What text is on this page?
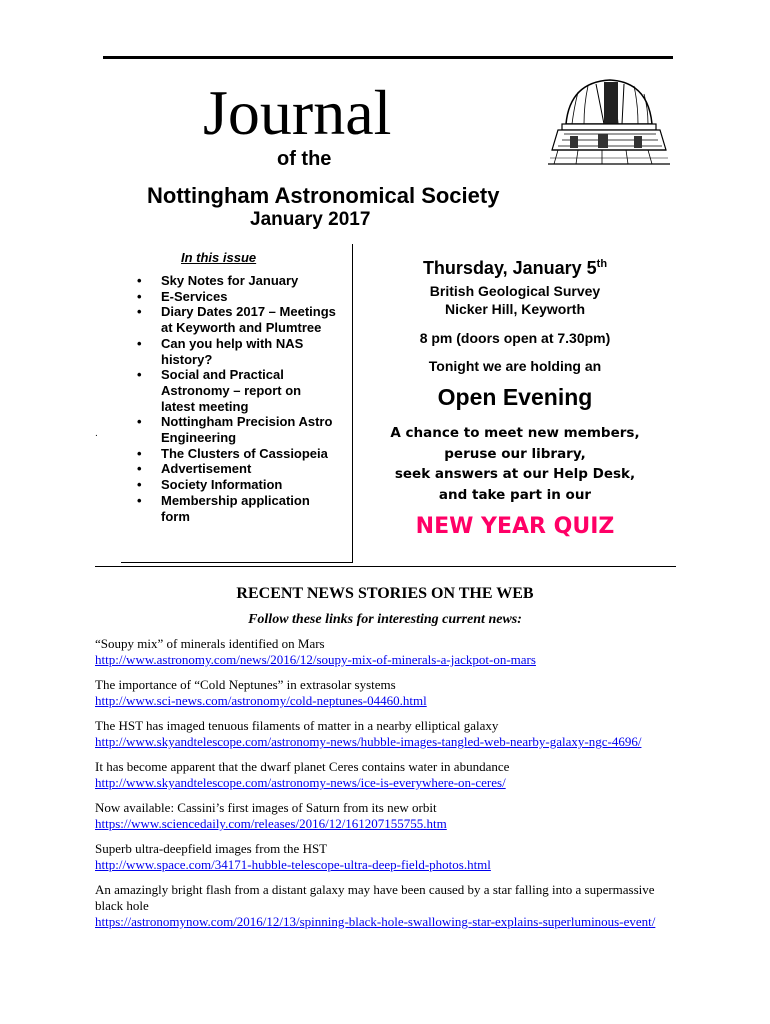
Journal
of the
Nottingham Astronomical Society
January 2017
In this issue
• Sky Notes for January
• E-Services
• Diary Dates 2017 – Meetings at Keyworth and Plumtree
• Can you help with NAS history?
• Social and Practical Astronomy – report on latest meeting
• Nottingham Precision Astro Engineering
• The Clusters of Cassiopeia
• Advertisement
• Society Information
• Membership application form
.
Thursday, January 5th
British Geological Survey
Nicker Hill, Keyworth
8 pm (doors open at 7.30pm)
Tonight we are holding an
Open Evening
A chance to meet new members,
peruse our library,
seek answers at our Help Desk,
and take part in our
NEW YEAR QUIZ
RECENT NEWS STORIES ON THE WEB
Follow these links for interesting current news:
“Soupy mix” of minerals identified on Mars
http://www.astronomy.com/news/2016/12/soupy-mix-of-minerals-a-jackpot-on-mars
The importance of “Cold Neptunes” in extrasolar systems
http://www.sci-news.com/astronomy/cold-neptunes-04460.html
The HST has imaged tenuous filaments of matter in a nearby elliptical galaxy
http://www.skyandtelescope.com/astronomy-news/hubble-images-tangled-web-nearby-galaxy-ngc-4696/
It has become apparent that the dwarf planet Ceres contains water in abundance
http://www.skyandtelescope.com/astronomy-news/ice-is-everywhere-on-ceres/
Now available: Cassini’s first images of Saturn from its new orbit
https://www.sciencedaily.com/releases/2016/12/161207155755.htm
Superb ultra-deepfield images from the HST
http://www.space.com/34171-hubble-telescope-ultra-deep-field-photos.html
An amazingly bright flash from a distant galaxy may have been caused by a star falling into a supermassive black hole
https://astronomynow.com/2016/12/13/spinning-black-hole-swallowing-star-explains-superluminous-event/
